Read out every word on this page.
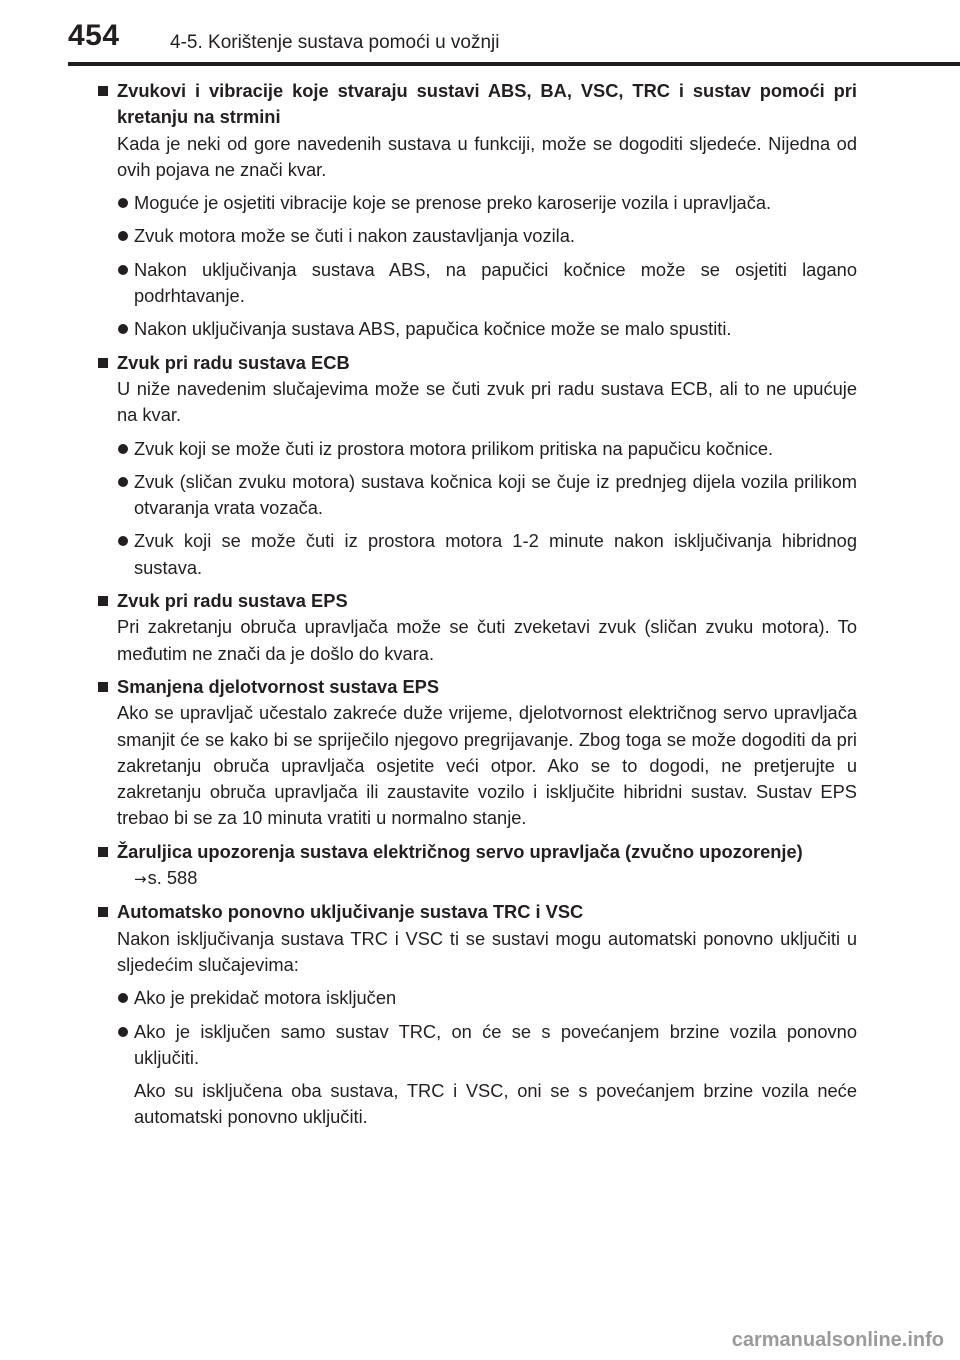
454	4-5. Korištenje sustava pomoći u vožnji
Zvukovi i vibracije koje stvaraju sustavi ABS, BA, VSC, TRC i sustav pomoći pri kretanju na strmini
Kada je neki od gore navedenih sustava u funkciji, može se dogoditi sljedeće. Nijedna od ovih pojava ne znači kvar.
Moguće je osjetiti vibracije koje se prenose preko karoserije vozila i upravljača.
Zvuk motora može se čuti i nakon zaustavljanja vozila.
Nakon uključivanja sustava ABS, na papučici kočnice može se osjetiti lagano podrhtavanje.
Nakon uključivanja sustava ABS, papučica kočnice može se malo spustiti.
Zvuk pri radu sustava ECB
U niže navedenim slučajevima može se čuti zvuk pri radu sustava ECB, ali to ne upućuje na kvar.
Zvuk koji se može čuti iz prostora motora prilikom pritiska na papučicu kočnice.
Zvuk (sličan zvuku motora) sustava kočnica koji se čuje iz prednjeg dijela vozila prilikom otvaranja vrata vozača.
Zvuk koji se može čuti iz prostora motora 1-2 minute nakon isključivanja hibridnog sustava.
Zvuk pri radu sustava EPS
Pri zakretanju obruča upravljača može se čuti zveketavi zvuk (sličan zvuku motora). To međutim ne znači da je došlo do kvara.
Smanjena djelotvornost sustava EPS
Ako se upravljač učestalo zakreće duže vrijeme, djelotvornost električnog servo upravljača smanjit će se kako bi se spriječilo njegovo pregrijavanje. Zbog toga se može dogoditi da pri zakretanju obruča upravljača osjetite veći otpor. Ako se to dogodi, ne pretjerujte u zakretanju obruča upravljača ili zaustavite vozilo i isključite hibridni sustav. Sustav EPS trebao bi se za 10 minuta vratiti u normalno stanje.
Žaruljica upozorenja sustava električnog servo upravljača (zvučno upozorenje)
→s. 588
Automatsko ponovno uključivanje sustava TRC i VSC
Nakon isključivanja sustava TRC i VSC ti se sustavi mogu automatski ponovno uključiti u sljedećim slučajevima:
Ako je prekidač motora isključen
Ako je isključen samo sustav TRC, on će se s povećanjem brzine vozila ponovno uključiti.
Ako su isključena oba sustava, TRC i VSC, oni se s povećanjem brzine vozila neće automatski ponovno uključiti.
carmanualsonline.info
